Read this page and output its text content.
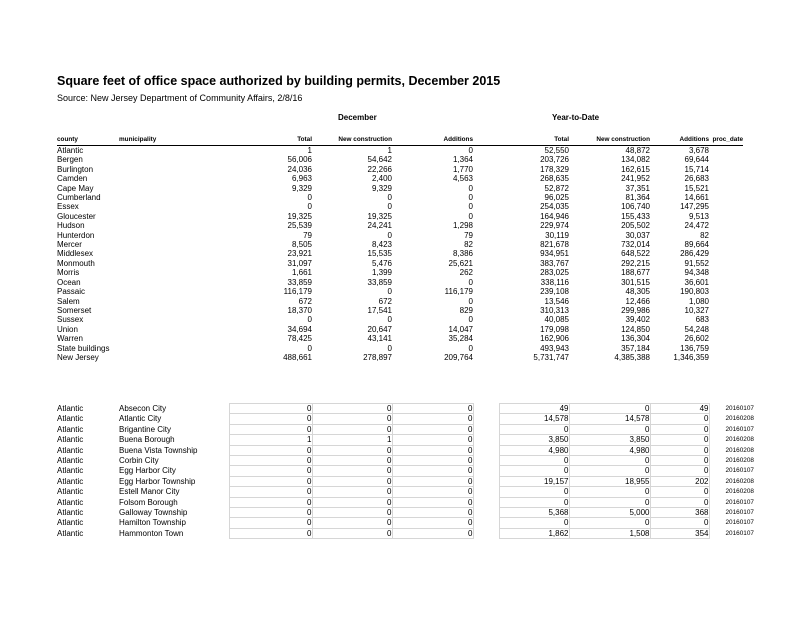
Square feet of office space authorized by building permits, December 2015
Source: New Jersey Department of Community Affairs, 2/8/16
December	Year-to-Date
county	municipality	Total	New construction	Additions		Total	New construction	Additions	proc_date
Atlantic		1	1	0		52,550	48,872	3,678	
Bergen		56,006	54,642	1,364		203,726	134,082	69,644	
Burlington		24,036	22,266	1,770		178,329	162,615	15,714	
Camden		6,963	2,400	4,563		268,635	241,952	26,683	
Cape May		9,329	9,329	0		52,872	37,351	15,521	
Cumberland		0	0	0		96,025	81,364	14,661	
Essex		0	0	0		254,035	106,740	147,295	
Gloucester		19,325	19,325	0		164,946	155,433	9,513	
Hudson		25,539	24,241	1,298		229,974	205,502	24,472	
Hunterdon		79	0	79		30,119	30,037	82	
Mercer		8,505	8,423	82		821,678	732,014	89,664	
Middlesex		23,921	15,535	8,386		934,951	648,522	286,429	
Monmouth		31,097	5,476	25,621		383,767	292,215	91,552	
Morris		1,661	1,399	262		283,025	188,677	94,348	
Ocean		33,859	33,859	0		338,116	301,515	36,601	
Passaic		116,179	0	116,179		239,108	48,305	190,803	
Salem		672	672	0		13,546	12,466	1,080	
Somerset		18,370	17,541	829		310,313	299,986	10,327	
Sussex		0	0	0		40,085	39,402	683	
Union		34,694	20,647	14,047		179,098	124,850	54,248	
Warren		78,425	43,141	35,284		162,906	136,304	26,602	
State buildings		0	0	0		493,943	357,184	136,759	
New Jersey		488,661	278,897	209,764		5,731,747	4,385,388	1,346,359	
Atlantic	Absecon City	0	0	0		49	0	49	20160107
Atlantic	Atlantic City	0	0	0		14,578	14,578	0	20160208
Atlantic	Brigantine City	0	0	0		0	0	0	20160107
Atlantic	Buena Borough	1	1	0		3,850	3,850	0	20160208
Atlantic	Buena Vista Township	0	0	0		4,980	4,980	0	20160208
Atlantic	Corbin City	0	0	0		0	0	0	20160208
Atlantic	Egg Harbor City	0	0	0		0	0	0	20160107
Atlantic	Egg Harbor Township	0	0	0		19,157	18,955	202	20160208
Atlantic	Estell Manor City	0	0	0		0	0	0	20160208
Atlantic	Folsom Borough	0	0	0		0	0	0	20160107
Atlantic	Galloway Township	0	0	0		5,368	5,000	368	20160107
Atlantic	Hamilton Township	0	0	0		0	0	0	20160107
Atlantic	Hammonton Town	0	0	0		1,862	1,508	354	20160107
